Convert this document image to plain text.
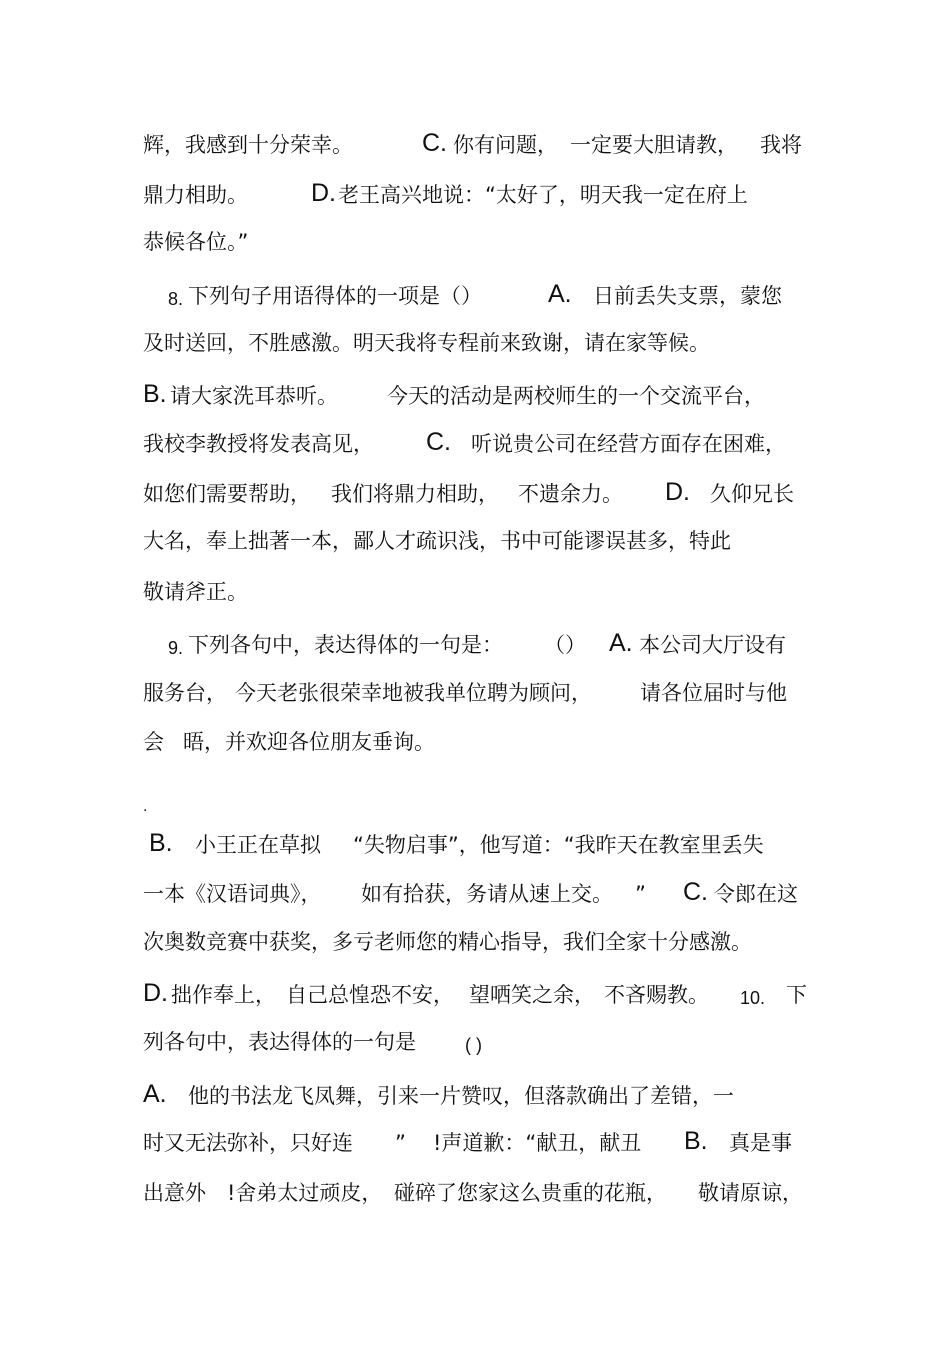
辉，我感到十分荣幸。	C. 你有问题， 一定要大胆请教， 我将
鼎力相助。	D. 老王高兴地说：“太好了，明天我一定在府上
恭候各位。”
8. 下列句子用语得体的一项是（）	A. 日前丢失支票，蒙您
及时送回，不胜感激。明天我将专程前来致谢，请在家等候。
B. 请大家洗耳恭听。 今天的活动是两校师生的一个交流平台，
我校李教授将发表高见， C. 听说贵公司在经营方面存在困难，
如您们需要帮助， 我们将鼎力相助， 不遗余力。 D. 久仰兄长
大名，奉上拙著一本，鄙人才疏识浅，书中可能谬误甚多，特此
敬请斧正。
9. 下列各句中，表达得体的一句是： （） A. 本公司大厅设有
服务台， 今天老张很荣幸地被我单位聘为顾问， 请各位届时与他
会 晤，并欢迎各位朋友垂询。
.
B. 小王正在草拟 “失物启事”，他写道：“我昨天在教室里丢失
一本《汉语词典》， 如有拾获，务请从速上交。 ” C. 令郎在这
次奥数竞赛中获奖，多亏老师您的精心指导，我们全家十分感激。
D. 拙作奉上， 自己总惶恐不安， 望哂笑之余， 不吝赐教。 10. 下
列各句中，表达得体的一句是	( )
A. 他的书法龙飞凤舞，引来一片赞叹，但落款确出了差错，一
时又无法弥补，只好连 ” !声道歉：“献丑，献丑 B. 真是事
出意外 !舍弟太过顽皮， 碰碎了您家这么贵重的花瓶， 敬请原谅，
